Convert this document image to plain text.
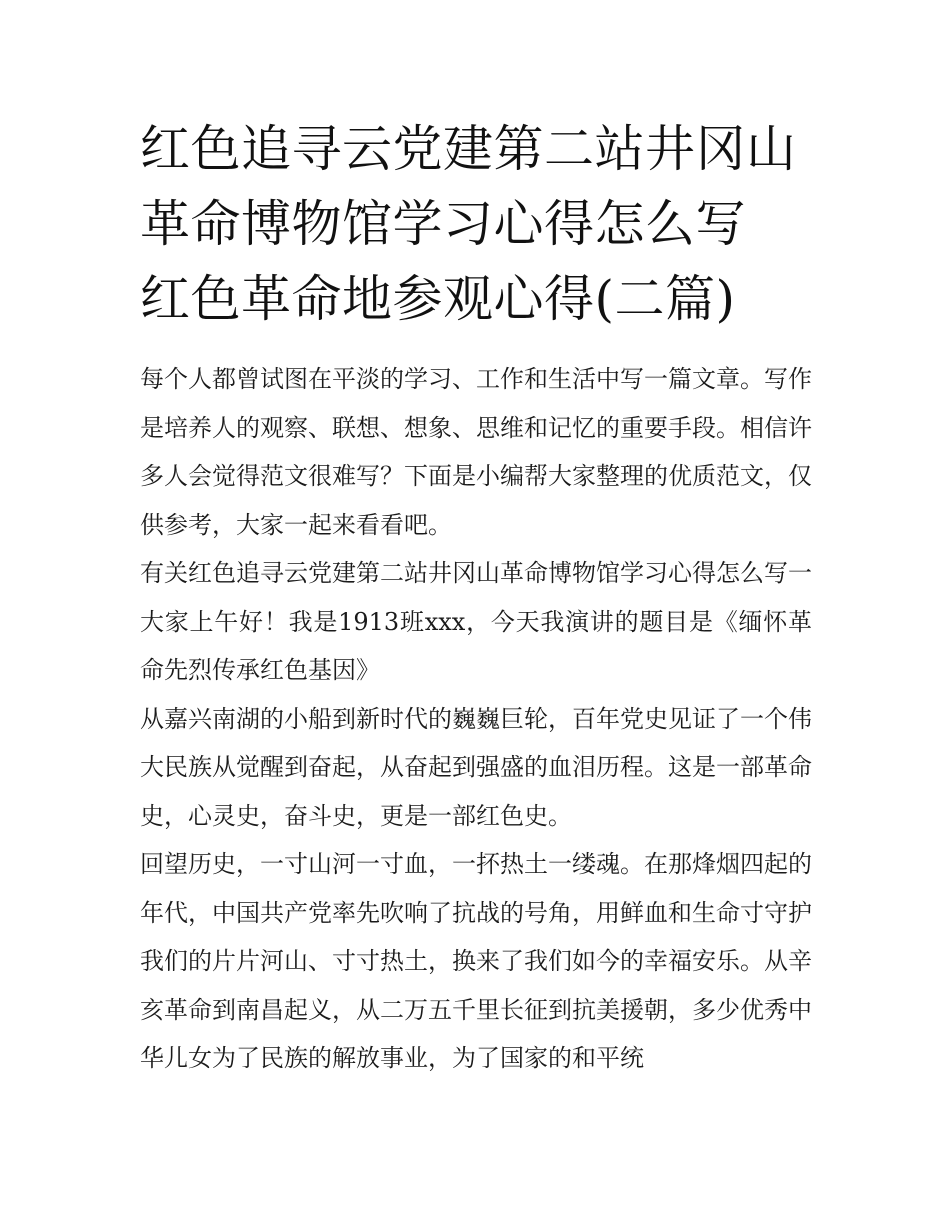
红色追寻云党建第二站井冈山革命博物馆学习心得怎么写 红色革命地参观心得(二篇)

每个人都曾试图在平淡的学习、工作和生活中写一篇文章。写作是培养人的观察、联想、想象、思维和记忆的重要手段。相信许多人会觉得范文很难写？下面是小编帮大家整理的优质范文，仅供参考，大家一起来看看吧。

有关红色追寻云党建第二站井冈山革命博物馆学习心得怎么写一 大家上午好！我是1913班xxx，今天我演讲的题目是《缅怀革命先烈传承红色基因》

从嘉兴南湖的小船到新时代的巍巍巨轮，百年党史见证了一个伟大民族从觉醒到奋起，从奋起到强盛的血泪历程。这是一部革命史，心灵史，奋斗史，更是一部红色史。

回望历史，一寸山河一寸血，一抔热土一缕魂。在那烽烟四起的年代，中国共产党率先吹响了抗战的号角，用鲜血和生命寸守护我们的片片河山、寸寸热土，换来了我们如今的幸福安乐。从辛亥革命到南昌起义，从二万五千里长征到抗美援朝，多少优秀中华儿女为了民族的解放事业，为了国家的和平统
